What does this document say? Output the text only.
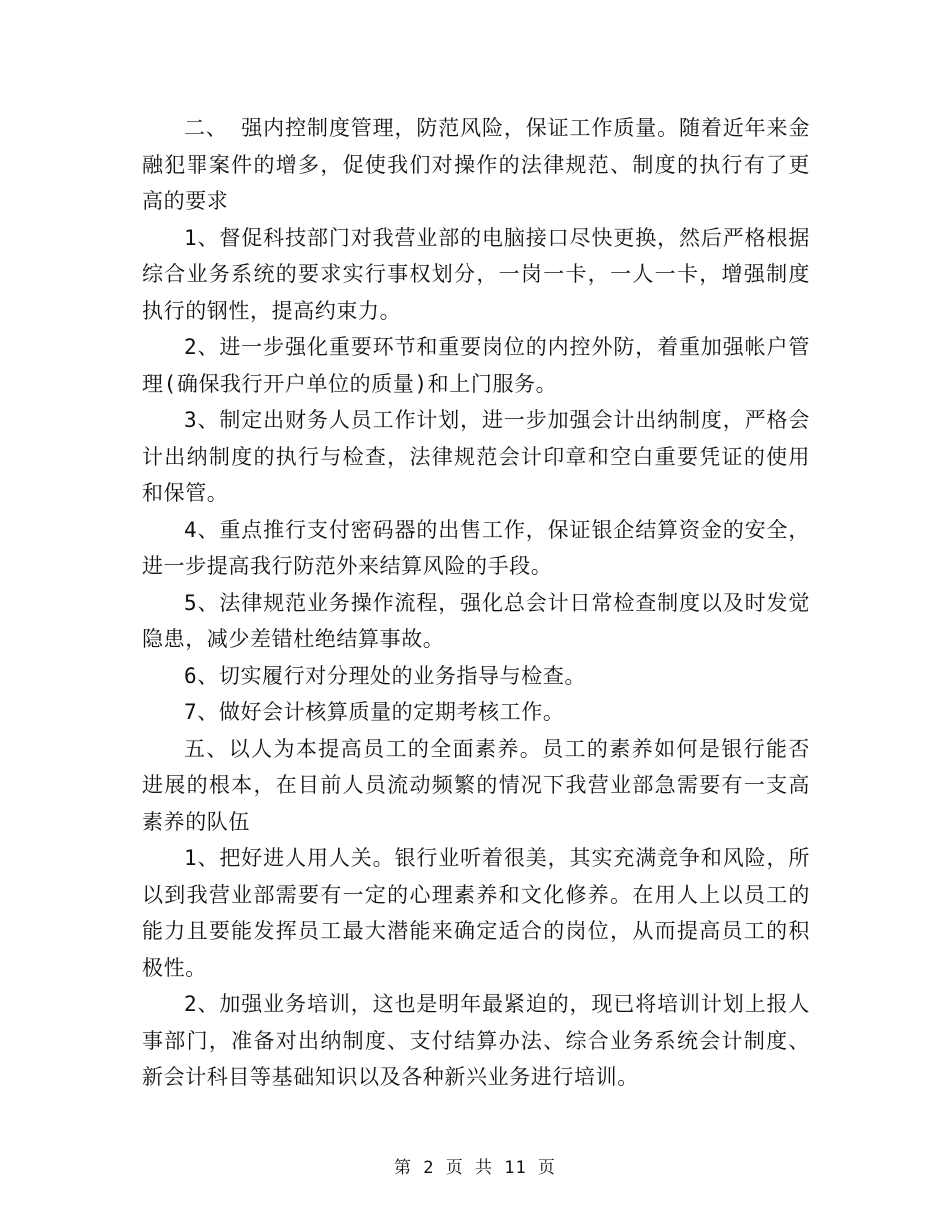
二、 强内控制度管理，防范风险，保证工作质量。随着近年来金融犯罪案件的增多，促使我们对操作的法律规范、制度的执行有了更高的要求

1、督促科技部门对我营业部的电脑接口尽快更换，然后严格根据综合业务系统的要求实行事权划分，一岗一卡，一人一卡，增强制度执行的钢性，提高约束力。

2、进一步强化重要环节和重要岗位的内控外防，着重加强帐户管理(确保我行开户单位的质量)和上门服务。

3、制定出财务人员工作计划，进一步加强会计出纳制度，严格会计出纳制度的执行与检查，法律规范会计印章和空白重要凭证的使用和保管。

4、重点推行支付密码器的出售工作，保证银企结算资金的安全，进一步提高我行防范外来结算风险的手段。

5、法律规范业务操作流程，强化总会计日常检查制度以及时发觉隐患，减少差错杜绝结算事故。

6、切实履行对分理处的业务指导与检查。

7、做好会计核算质量的定期考核工作。

五、以人为本提高员工的全面素养。员工的素养如何是银行能否进展的根本，在目前人员流动频繁的情况下我营业部急需要有一支高素养的队伍

1、把好进人用人关。银行业听着很美，其实充满竞争和风险，所以到我营业部需要有一定的心理素养和文化修养。在用人上以员工的能力且要能发挥员工最大潜能来确定适合的岗位，从而提高员工的积极性。

2、加强业务培训，这也是明年最紧迫的，现已将培训计划上报人事部门，准备对出纳制度、支付结算办法、综合业务系统会计制度、新会计科目等基础知识以及各种新兴业务进行培训。

第 2 页 共 11 页
